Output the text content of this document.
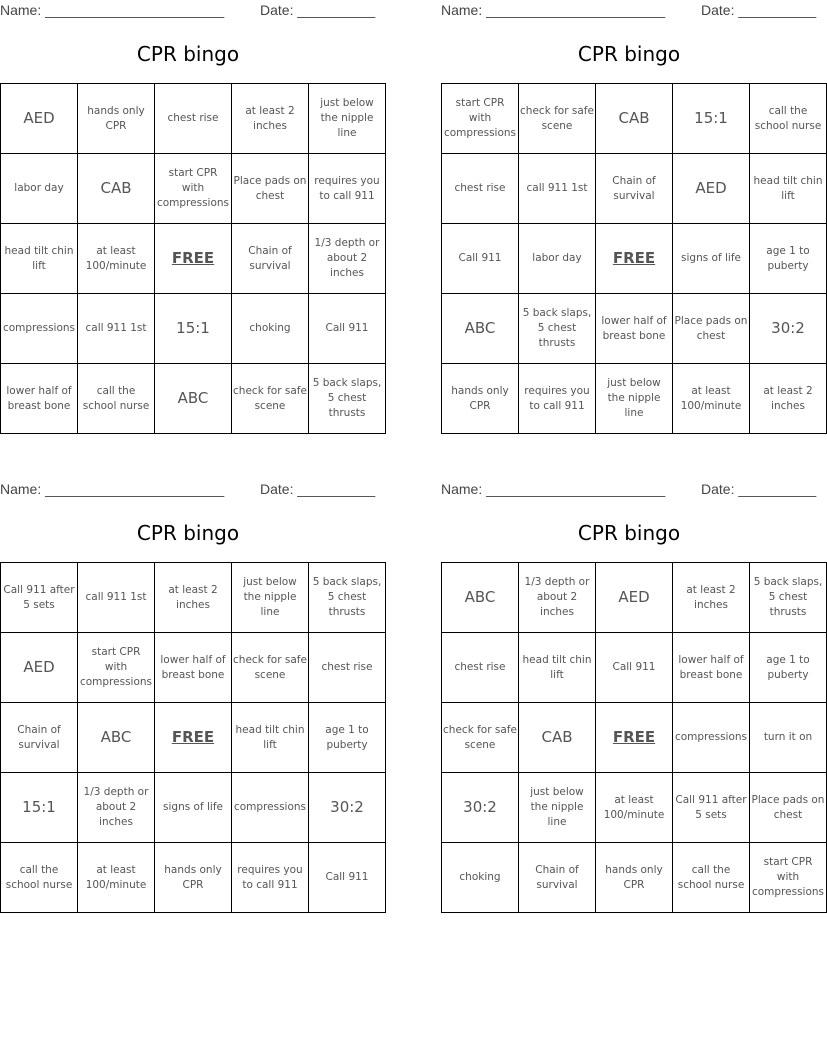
Name: _______________________	Date: __________
CPR bingo
AED	hands only CPR	chest rise	at least 2 inches	just below the nipple line
labor day	CAB	start CPR with compressions	Place pads on chest	requires you to call 911
head tilt chin lift	at least 100/minute	FREE	Chain of survival	1/3 depth or about 2 inches
compressions	call 911 1st	15:1	choking	Call 911
lower half of breast bone	call the school nurse	ABC	check for safe scene	5 back slaps, 5 chest thrusts
Name: _______________________	Date: __________
CPR bingo
start CPR with compressions	check for safe scene	CAB	15:1	call the school nurse
chest rise	call 911 1st	Chain of survival	AED	head tilt chin lift
Call 911	labor day	FREE	signs of life	age 1 to puberty
ABC	5 back slaps, 5 chest thrusts	lower half of breast bone	Place pads on chest	30:2
hands only CPR	requires you to call 911	just below the nipple line	at least 100/minute	at least 2 inches
Name: _______________________	Date: __________
CPR bingo
Call 911 after 5 sets	call 911 1st	at least 2 inches	just below the nipple line	5 back slaps, 5 chest thrusts
AED	start CPR with compressions	lower half of breast bone	check for safe scene	chest rise
Chain of survival	ABC	FREE	head tilt chin lift	age 1 to puberty
15:1	1/3 depth or about 2 inches	signs of life	compressions	30:2
call the school nurse	at least 100/minute	hands only CPR	requires you to call 911	Call 911
Name: _______________________	Date: __________
CPR bingo
ABC	1/3 depth or about 2 inches	AED	at least 2 inches	5 back slaps, 5 chest thrusts
chest rise	head tilt chin lift	Call 911	lower half of breast bone	age 1 to puberty
check for safe scene	CAB	FREE	compressions	turn it on
30:2	just below the nipple line	at least 100/minute	Call 911 after 5 sets	Place pads on chest
choking	Chain of survival	hands only CPR	call the school nurse	start CPR with compressions
